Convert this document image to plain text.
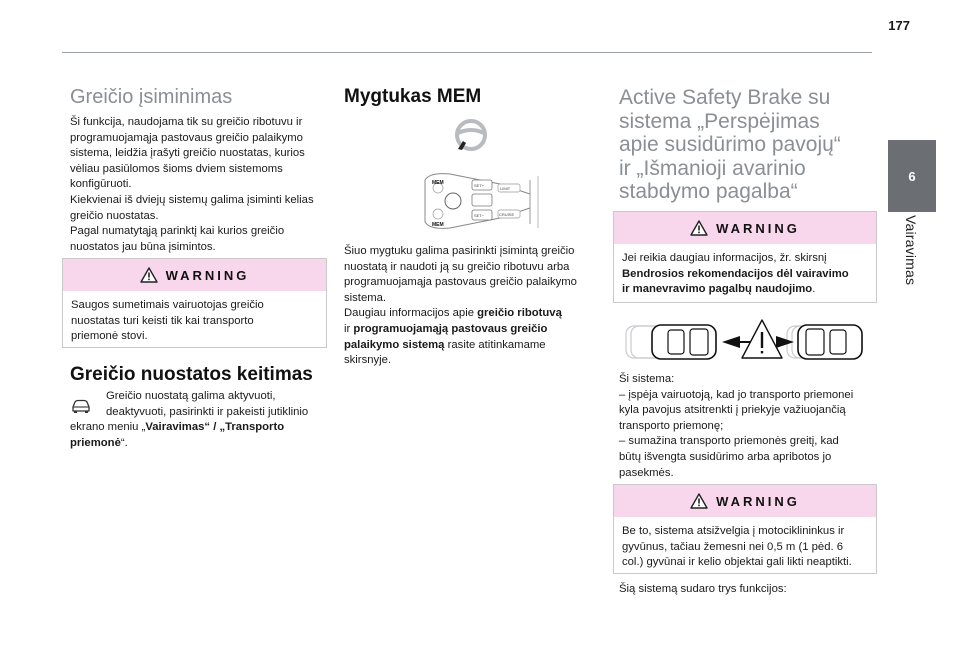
177
6
Vairavimas
Greičio įsiminimas

Ši funkcija, naudojama tik su greičio ribotuvu ir

programuojamąja pastovaus greičio palaikymo

sistema, leidžia įrašyti greičio nuostatas, kurios

vėliau pasiūlomos šioms dviem sistemoms

konfigūruoti.

Kiekvienai iš dviejų sistemų galima įsiminti kelias

greičio nuostatas.

Pagal numatytąją parinktį kai kurios greičio

nuostatos jau būna įsimintos.

WARNING
Saugos sumetimais vairuotojas greičio
nuostatas turi keisti tik kai transporto
priemonė stovi.
Greičio nuostatos keitimas

Greičio nuostatą galima aktyvuoti,

deaktyvuoti, pasirinkti ir pakeisti jutiklinio

ekrano meniu „Vairavimas“ / „Transporto

priemonė“.

Mygtukas MEM
MEM
MEM
SET+
SET−
LIMIT
CRUISE

Šiuo mygtuku galima pasirinkti įsimintą greičio

nuostatą ir naudoti ją su greičio ribotuvu arba

programuojamąja pastovaus greičio palaikymo

sistema.

Daugiau informacijos apie greičio ribotuvą

ir programuojamąją pastovaus greičio

palaikymo sistemą rasite atitinkamame

skirsnyje.

Active Safety Brake su
sistema „Perspėjimas
apie susidūrimo pavojų“
ir „Išmanioji avarinio
stabdymo pagalba“
WARNING
Jei reikia daugiau informacijos, žr. skirsnį
Bendrosios rekomendacijos dėl vairavimo
ir manevravimo pagalbų naudojimo.

Ši sistema:

– įspėja vairuotoją, kad jo transporto priemonei

kyla pavojus atsitrenkti į priekyje važiuojančią

transporto priemonę;

– sumažina transporto priemonės greitį, kad

būtų išvengta susidūrimo arba apribotos jo

pasekmės.

WARNING
Be to, sistema atsižvelgia į motociklininkus ir
gyvūnus, tačiau žemesni nei 0,5 m (1 pėd. 6
col.) gyvūnai ir kelio objektai gali likti neaptikti.

Šią sistemą sudaro trys funkcijos:
